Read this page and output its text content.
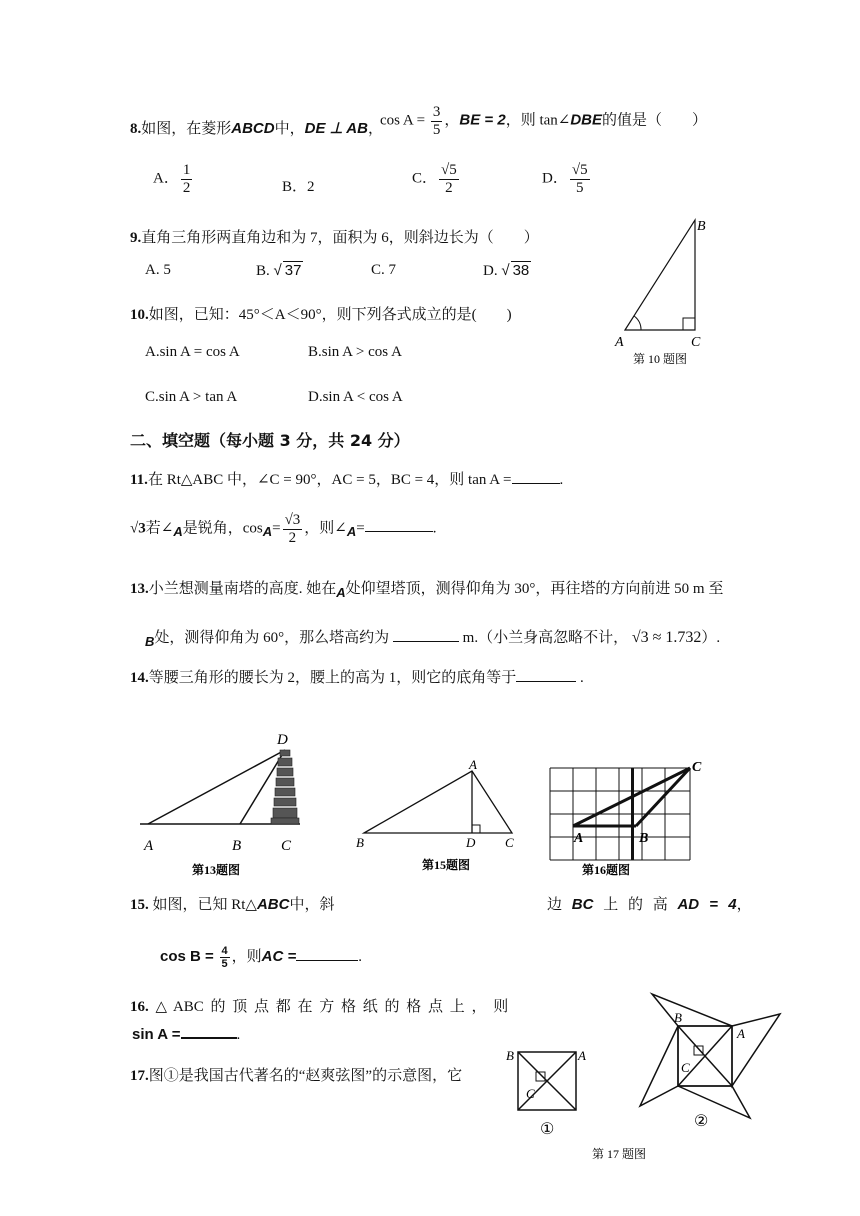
8.如图，在菱形ABCD中，DE ⊥ AB，
$\cos A = \frac{3}{5}$ ，BE = 2，则 tan∠DBE的值是（　　）
A． $\frac{1}{2}$	B．2
C． $\frac{√5}{2}$	D． $\frac{√5}{5}$
9.直角三角形两直角边和为 7，面积为 6，则斜边长为（　　）
A. 5	B. √ 37	C. 7	D. √ 38
10.如图，已知：45°＜A＜90°，则下列各式成立的是(　　)
A.sin A = cos A	B.sin A > cos A
C.sin A > tan A	D.sin A < cos A
B
A	C
第 10 题图
二、填空题（每小题 3 分，共 24 分）
11.在 Rt△ABC 中，∠C = 90°，AC = 5，BC = 4，则 tan A =	.
√3若∠A是锐角，$\cos A= \frac{√3}{2}$ ，则∠A=	.
13.小兰想测量南塔的高度. 她在A处仰望塔顶，测得仰角为 30°，再往塔的方向前进 50 m 至
B处，测得仰角为 60°，那么塔高约为	m.（小兰身高忽略不计， √3 ≈ 1.732）.
14.等腰三角形的腰长为 2，腰上的高为 1，则它的底角等于	.
D
A	B	C
第13题图
A
B	D C
第15题图
C
A	B
第16题图
15. 如图，已知 Rt△ABC中，斜	边 BC 上 的 高 AD = 4，
$\cos B = \frac{4}{5}$ ，则AC =	.
16. △ ABC 的 顶 点 都 在 方 格 纸 的 格 点 上 ， 则
sin A =	.
17.图①是我国古代著名的“赵爽弦图”的示意图，它
B	A
C
①
B
A
C
②
第 17 题图
